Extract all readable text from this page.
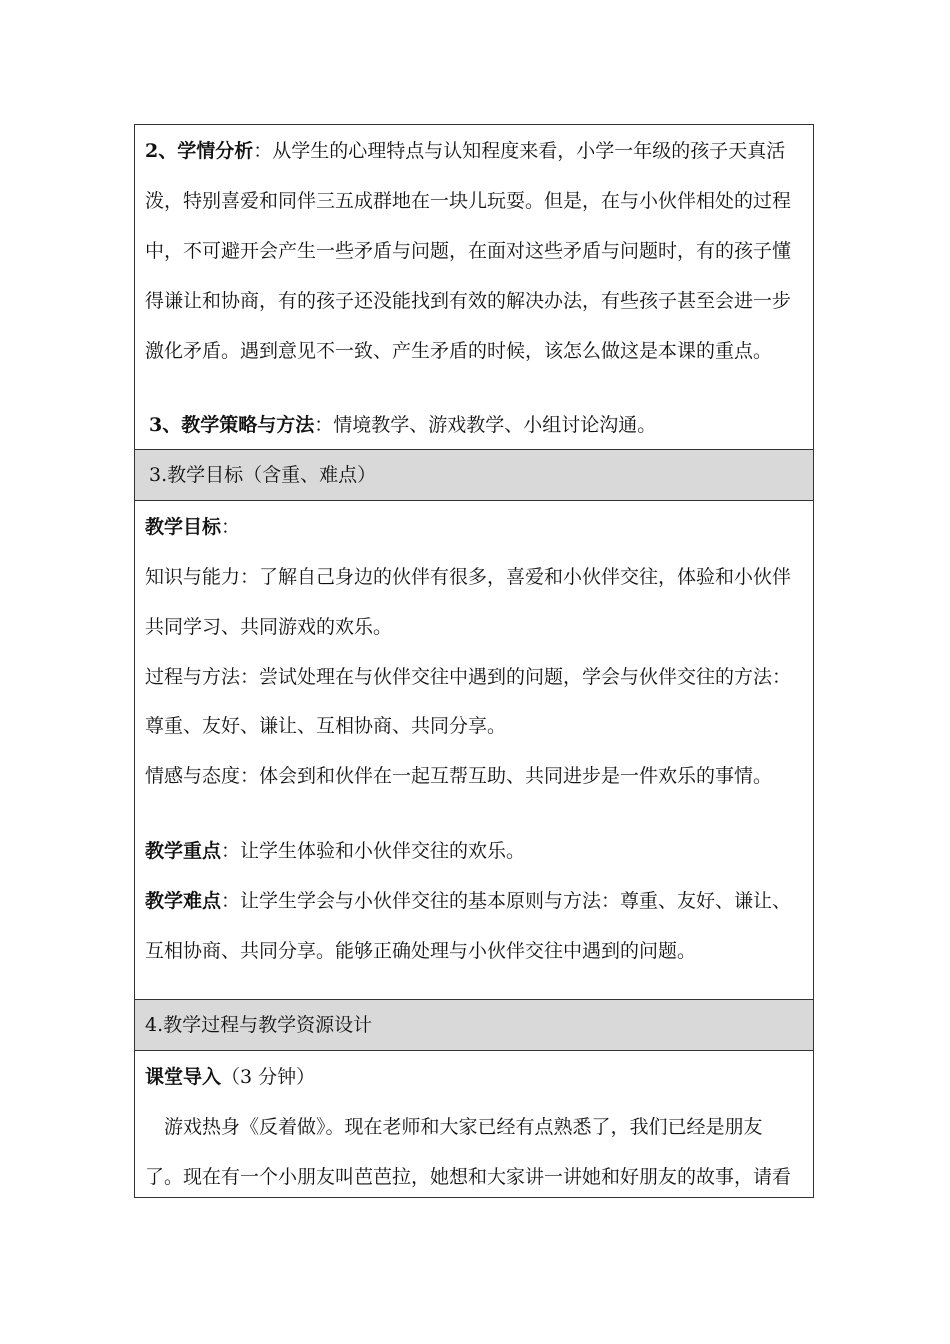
2、学情分析：从学生的心理特点与认知程度来看，小学一年级的孩子天真活
泼，特别喜爱和同伴三五成群地在一块儿玩耍。但是，在与小伙伴相处的过程
中，不可避开会产生一些矛盾与问题，在面对这些矛盾与问题时，有的孩子懂
得谦让和协商，有的孩子还没能找到有效的解决办法，有些孩子甚至会进一步
激化矛盾。遇到意见不一致、产生矛盾的时候，该怎么做这是本课的重点。
3、教学策略与方法：情境教学、游戏教学、小组讨论沟通。
3.教学目标（含重、难点）
教学目标：
知识与能力：了解自己身边的伙伴有很多，喜爱和小伙伴交往，体验和小伙伴
共同学习、共同游戏的欢乐。
过程与方法：尝试处理在与伙伴交往中遇到的问题，学会与伙伴交往的方法：
尊重、友好、谦让、互相协商、共同分享。
情感与态度：体会到和伙伴在一起互帮互助、共同进步是一件欢乐的事情。
教学重点：让学生体验和小伙伴交往的欢乐。
教学难点：让学生学会与小伙伴交往的基本原则与方法：尊重、友好、谦让、
互相协商、共同分享。能够正确处理与小伙伴交往中遇到的问题。
4.教学过程与教学资源设计
课堂导入（3 分钟）
游戏热身《反着做》。现在老师和大家已经有点熟悉了，我们已经是朋友
了。现在有一个小朋友叫芭芭拉，她想和大家讲一讲她和好朋友的故事，请看
